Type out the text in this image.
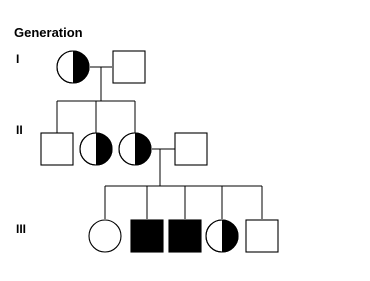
Generation
I
II
III
